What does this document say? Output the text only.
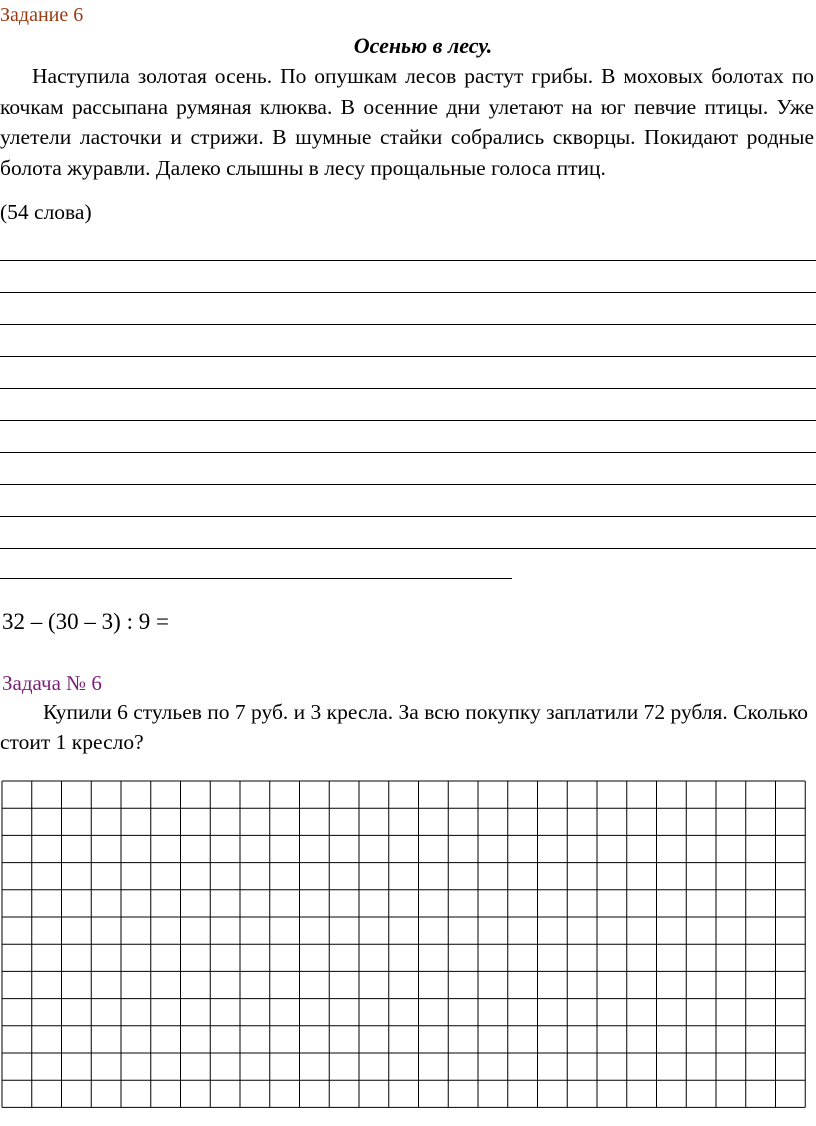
Задание 6
Осенью в лесу.

Наступила золотая осень. По опушкам лесов растут грибы. В моховых болотах по кочкам рассыпана румяная клюква. В осенние дни улетают на юг певчие птицы. Уже улетели ласточки и стрижи. В шумные стайки собрались скворцы. Покидают родные болота журавли. Далеко слышны в лесу прощальные голоса птиц.

(54 слова)
32 – (30 – 3) : 9 =
Задача № 6

Купили 6 стульев по 7 руб. и 3 кресла. За всю покупку заплатили 72 рубля. Сколько стоит 1 кресло?
